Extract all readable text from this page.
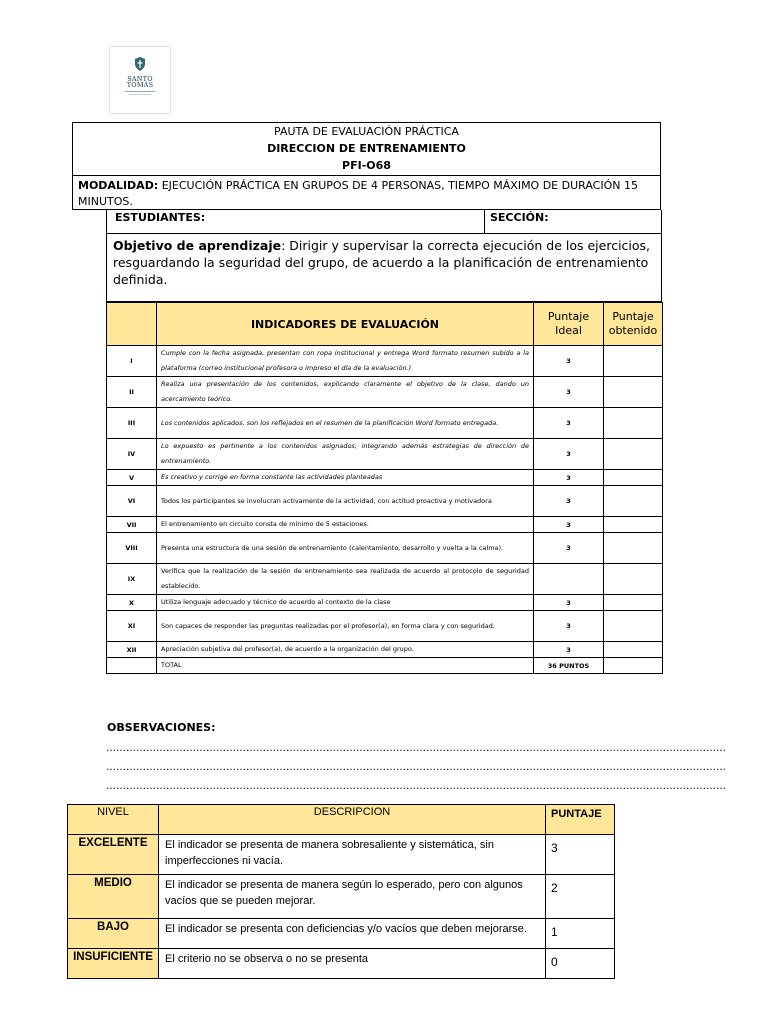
SANTO
TOMÁS
PAUTA DE EVALUACIÓN PRÁCTICA
DIRECCION DE ENTRENAMIENTO
PFI-O68
MODALIDAD: EJECUCIÓN PRÁCTICA EN GRUPOS DE 4 PERSONAS, TIEMPO MÁXIMO DE DURACIÓN 15 MINUTOS.
ESTUDIANTES:	SECCIÓN:
Objetivo de aprendizaje: Dirigir y supervisar la correcta ejecución de los ejercicios, resguardando la seguridad del grupo, de acuerdo a la planificación de entrenamiento definida.
	INDICADORES DE EVALUACIÓN	Puntaje Ideal	Puntaje obtenido
I	Cumple con la fecha asignada, presentan con ropa institucional y entrega Word formato resumen subido a la plataforma (correo institucional profesora o impreso el día de la evaluación.)	3	
II	Realiza una presentación de los contenidos, explicando claramente el objetivo de la clase, dando un acercamiento teórico.	3	
III	Los contenidos aplicados, son los reflejados en el resumen de la planificación Word formato entregada.	3	
IV	Lo expuesto es pertinente a los contenidos asignados, integrando además estrategias de dirección de entrenamiento.	3	
V	Es creativo y corrige en forma constante las actividades planteadas	3	
VI	Todos los participantes se involucran activamente de la actividad, con actitud proactiva y motivadora	3	
VII	El entrenamiento en circuito consta de mínimo de 5 estaciones.	3	
VIII	Presenta una estructura de una sesión de entrenamiento (calentamiento, desarrollo y vuelta a la calma).	3	
IX	Verifica que la realización de la sesión de entrenamiento sea realizada de acuerdo al protocolo de seguridad establecido.		
X	Utiliza lenguaje adecuado y técnico de acuerdo al contexto de la clase	3	
XI	Son capaces de responder las preguntas realizadas por el profesor(a), en forma clara y con seguridad.	3	
XII	Apreciación subjetiva del profesor(a), de acuerdo a la organización del grupo.	3	
	TOTAL	36 PUNTOS	
OBSERVACIONES:
……………………………………………………………………………………………………………………………………………………………………
……………………………………………………………………………………………………………………………………………………………………
……………………………………………………………………………………………………………………………………………………………………
NIVEL	DESCRIPCION	PUNTAJE
EXCELENTE	El indicador se presenta de manera sobresaliente y sistemática, sin imperfecciones ni vacía.	3
MEDIO	El indicador se presenta de manera según lo esperado, pero con algunos vacíos que se pueden mejorar.	2
BAJO	El indicador se presenta con deficiencias y/o vacíos que deben mejorarse.	1
INSUFICIENTE	El criterio no se observa o no se presenta	0
